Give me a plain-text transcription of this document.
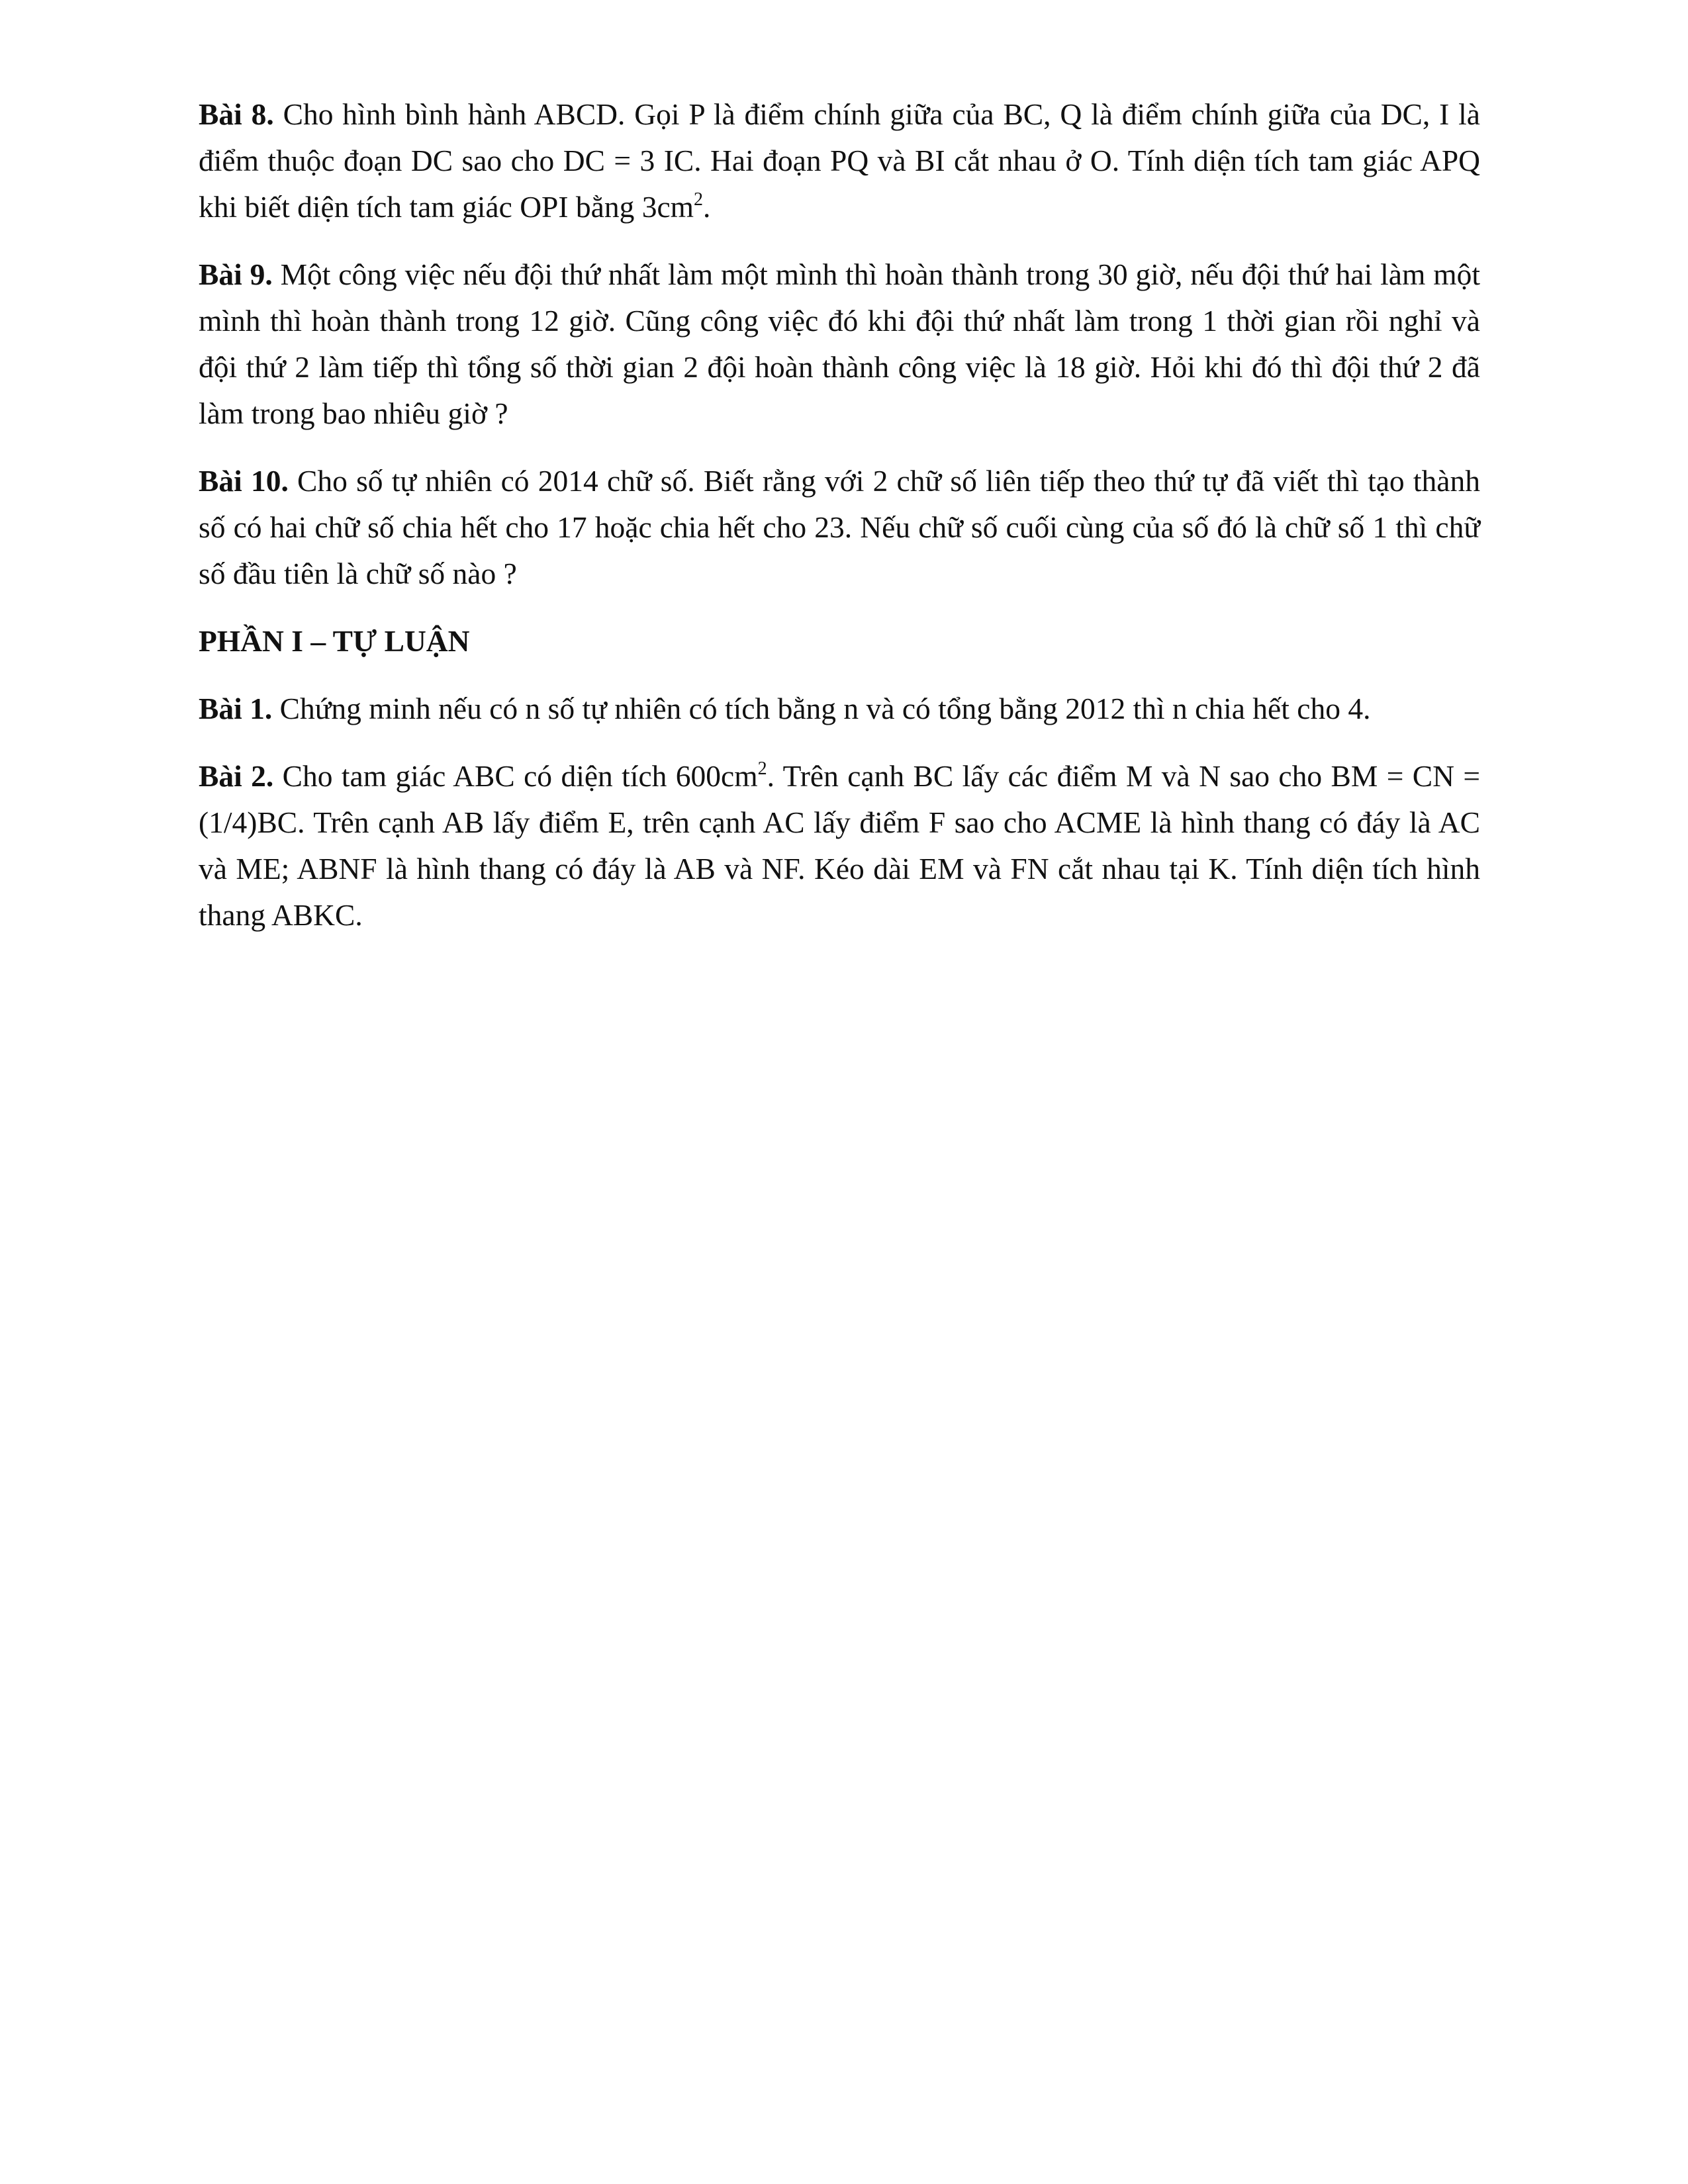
Bài 8. Cho hình bình hành ABCD. Gọi P là điểm chính giữa của BC, Q là điểm chính giữa của DC, I là điểm thuộc đoạn DC sao cho DC = 3 IC. Hai đoạn PQ và BI cắt nhau ở O. Tính diện tích tam giác APQ khi biết diện tích tam giác OPI bằng $3cm^2$.

Bài 9. Một công việc nếu đội thứ nhất làm một mình thì hoàn thành trong 30 giờ, nếu đội thứ hai làm một mình thì hoàn thành trong 12 giờ. Cũng công việc đó khi đội thứ nhất làm trong 1 thời gian rồi nghỉ và đội thứ 2 làm tiếp thì tổng số thời gian 2 đội hoàn thành công việc là 18 giờ. Hỏi khi đó thì đội thứ 2 đã làm trong bao nhiêu giờ ?

Bài 10. Cho số tự nhiên có 2014 chữ số. Biết rằng với 2 chữ số liên tiếp theo thứ tự đã viết thì tạo thành số có hai chữ số chia hết cho 17 hoặc chia hết cho 23. Nếu chữ số cuối cùng của số đó là chữ số 1 thì chữ số đầu tiên là chữ số nào ?

PHẦN I – TỰ LUẬN

Bài 1. Chứng minh nếu có n số tự nhiên có tích bằng n và có tổng bằng 2012 thì n chia hết cho 4.

Bài 2. Cho tam giác ABC có diện tích $600cm^2$. Trên cạnh BC lấy các điểm M và N sao cho BM = CN = (1/4)BC. Trên cạnh AB lấy điểm E, trên cạnh AC lấy điểm F sao cho ACME là hình thang có đáy là AC và ME; ABNF là hình thang có đáy là AB và NF. Kéo dài EM và FN cắt nhau tại K. Tính diện tích hình thang ABKC.
